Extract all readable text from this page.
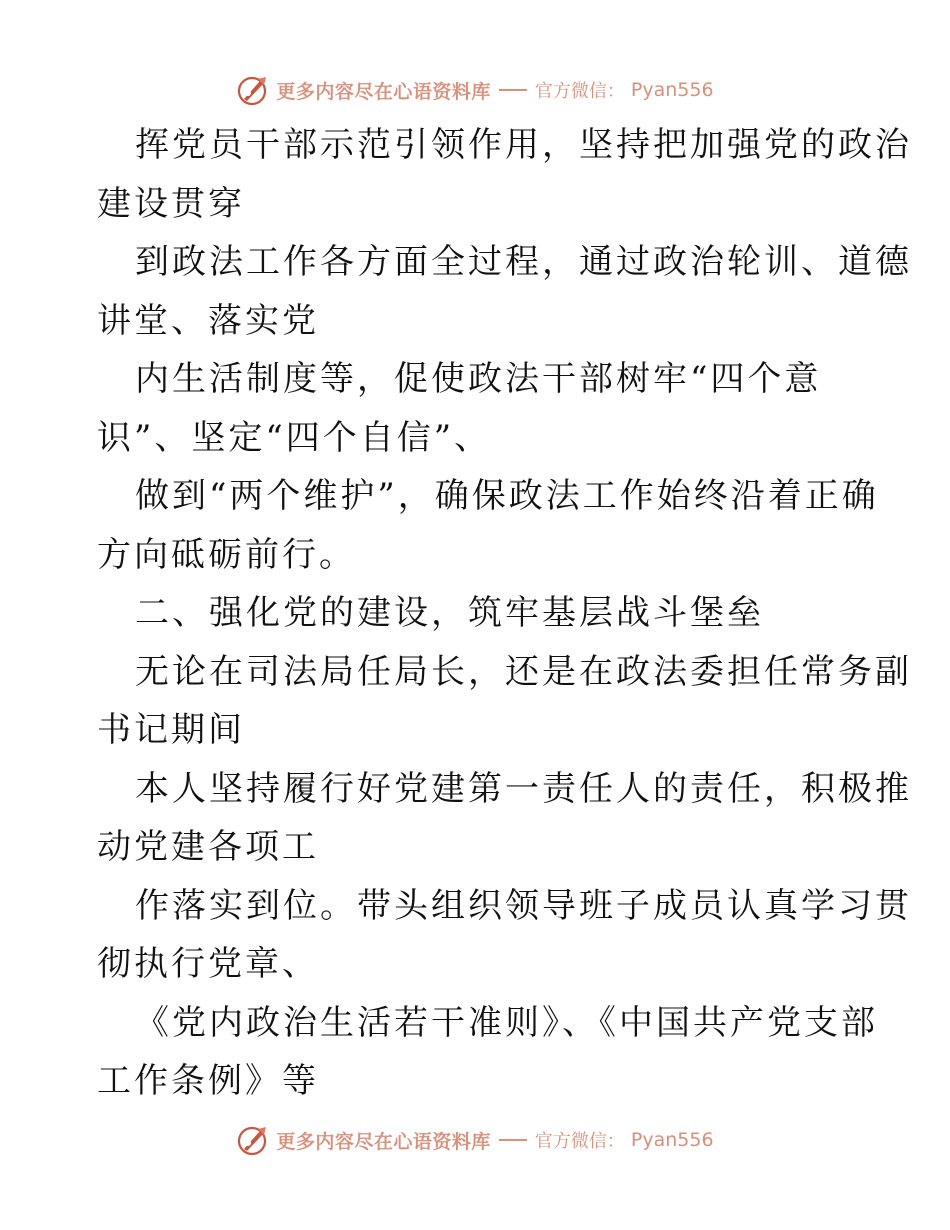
更多内容尽在心语资料库 官方微信： Pyan556
挥党员干部示范引领作用，坚持把加强党的政治
建设贯穿
到政法工作各方面全过程，通过政治轮训、道德
讲堂、落实党
内生活制度等，促使政法干部树牢“四个意
识”、坚定“四个自信”、
做到“两个维护”，确保政法工作始终沿着正确
方向砥砺前行。
二、强化党的建设，筑牢基层战斗堡垒
无论在司法局任局长，还是在政法委担任常务副
书记期间
本人坚持履行好党建第一责任人的责任，积极推
动党建各项工
作落实到位。带头组织领导班子成员认真学习贯
彻执行党章、
《党内政治生活若干准则》、《中国共产党支部
工作条例》等
更多内容尽在心语资料库 官方微信： Pyan556
